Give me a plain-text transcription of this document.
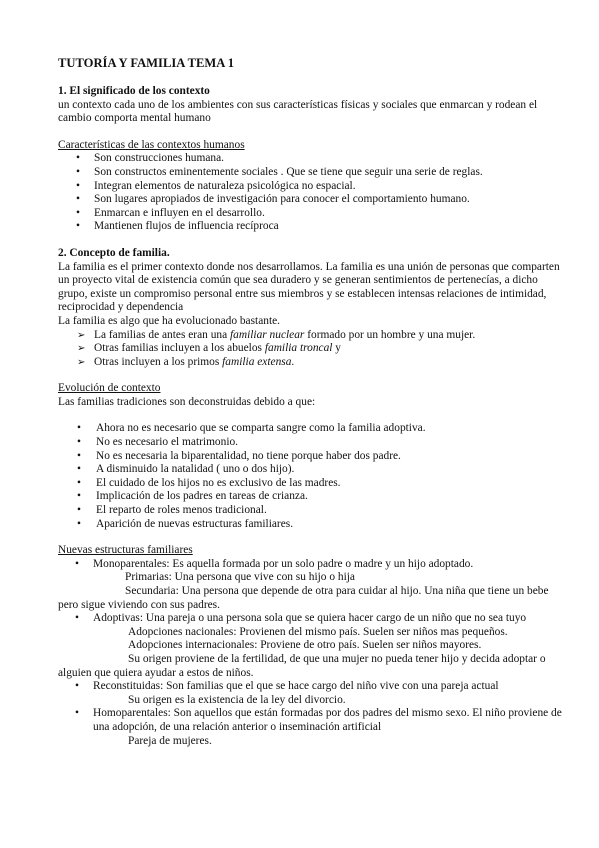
TUTORÍA Y FAMILIA TEMA 1

1. El significado de los contexto

un contexto cada uno de los ambientes con sus características físicas y sociales que enmarcan y rodean el cambio comporta mental humano

Características de las contextos humanos

• Son construcciones humana.
• Son constructos eminentemente sociales . Que se tiene que seguir una serie de reglas.
• Integran elementos de naturaleza psicológica no espacial.
• Son lugares apropiados de investigación para conocer el comportamiento humano.
• Enmarcan e influyen en el desarrollo.
• Mantienen flujos de influencia recíproca

2. Concepto de familia.

La familia es el primer contexto donde nos desarrollamos. La familia es una unión de personas que comparten un proyecto vital de existencia común que sea duradero y se generan sentimientos de pertenecías, a dicho grupo, existe un compromiso personal entre sus miembros y se establecen intensas relaciones de intimidad, reciprocidad y dependencia

La familia es algo que ha evolucionado bastante.

➢ La familias de antes eran una familiar nuclear formado por un hombre y una mujer.
➢ Otras familias incluyen a los abuelos familia troncal y
➢ Otras incluyen a los primos familia extensa.

Evolución de contexto

Las familias tradiciones son deconstruidas debido a que:

• Ahora no es necesario que se comparta sangre como la familia adoptiva.
• No es necesario el matrimonio.
• No es necesaria la biparentalidad, no tiene porque haber dos padre.
• A disminuido la natalidad ( uno o dos hijo).
• El cuidado de los hijos no es exclusivo de las madres.
• Implicación de los padres en tareas de crianza.
• El reparto de roles menos tradicional.
• Aparición de nuevas estructuras familiares.

Nuevas estructuras familiares

• Monoparentales: Es aquella formada por un solo padre o madre y un hijo adoptado.
Primarias: Una persona que vive con su hijo o hija
Secundaria: Una persona que depende de otra para cuidar al hijo. Una niña que tiene un bebe pero sigue viviendo con sus padres.
• Adoptivas: Una pareja o una persona sola que se quiera hacer cargo de un niño que no sea tuyo
Adopciones nacionales: Provienen del mismo país. Suelen ser niños mas pequeños.
Adopciones internacionales: Proviene de otro país. Suelen ser niños mayores.
Su origen proviene de la fertilidad, de que una mujer no pueda tener hijo y decida adoptar o alguien que quiera ayudar a estos de niños.
• Reconstituidas: Son familias que el que se hace cargo del niño vive con una pareja actual
Su origen es la existencia de la ley del divorcio.
• Homoparentales: Son aquellos que están formadas por dos padres del mismo sexo. El niño proviene de una adopción, de una relación anterior o inseminación artificial
Pareja de mujeres.
